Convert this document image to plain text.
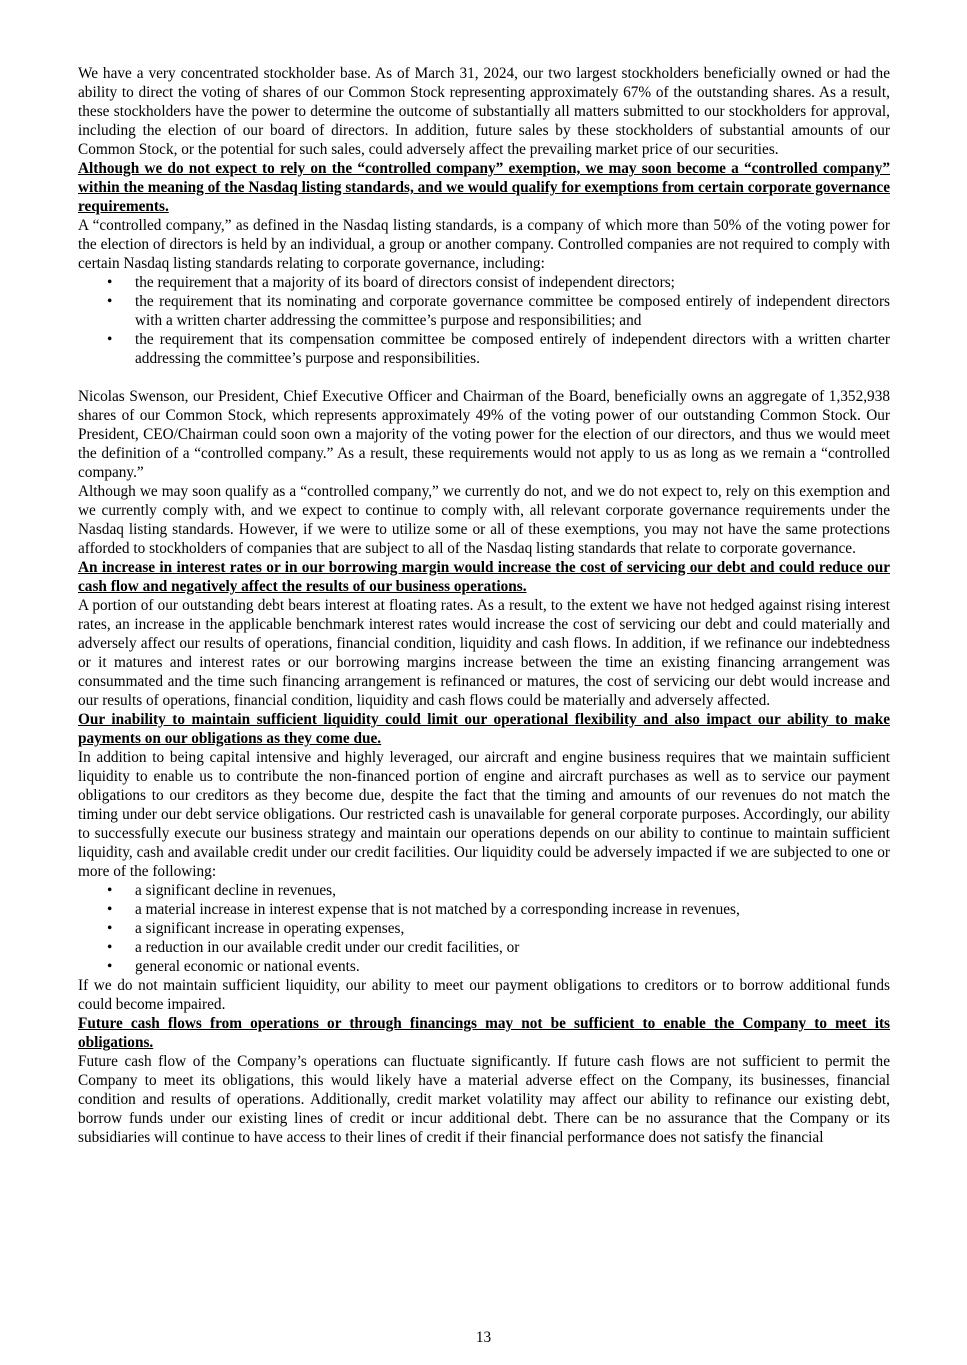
We have a very concentrated stockholder base. As of March 31, 2024, our two largest stockholders beneficially owned or had the ability to direct the voting of shares of our Common Stock representing approximately 67% of the outstanding shares. As a result, these stockholders have the power to determine the outcome of substantially all matters submitted to our stockholders for approval, including the election of our board of directors. In addition, future sales by these stockholders of substantial amounts of our Common Stock, or the potential for such sales, could adversely affect the prevailing market price of our securities.

Although we do not expect to rely on the “controlled company” exemption, we may soon become a “controlled company” within the meaning of the Nasdaq listing standards, and we would qualify for exemptions from certain corporate governance requirements.

A “controlled company,” as defined in the Nasdaq listing standards, is a company of which more than 50% of the voting power for the election of directors is held by an individual, a group or another company. Controlled companies are not required to comply with certain Nasdaq listing standards relating to corporate governance, including:

•	the requirement that a majority of its board of directors consist of independent directors;
•	the requirement that its nominating and corporate governance committee be composed entirely of independent directors with a written charter addressing the committee’s purpose and responsibilities; and
•	the requirement that its compensation committee be composed entirely of independent directors with a written charter addressing the committee’s purpose and responsibilities.

Nicolas Swenson, our President, Chief Executive Officer and Chairman of the Board, beneficially owns an aggregate of 1,352,938 shares of our Common Stock, which represents approximately 49% of the voting power of our outstanding Common Stock. Our President, CEO/Chairman could soon own a majority of the voting power for the election of our directors, and thus we would meet the definition of a “controlled company.” As a result, these requirements would not apply to us as long as we remain a “controlled company.”

Although we may soon qualify as a “controlled company,” we currently do not, and we do not expect to, rely on this exemption and we currently comply with, and we expect to continue to comply with, all relevant corporate governance requirements under the Nasdaq listing standards. However, if we were to utilize some or all of these exemptions, you may not have the same protections afforded to stockholders of companies that are subject to all of the Nasdaq listing standards that relate to corporate governance.

An increase in interest rates or in our borrowing margin would increase the cost of servicing our debt and could reduce our cash flow and negatively affect the results of our business operations.

A portion of our outstanding debt bears interest at floating rates. As a result, to the extent we have not hedged against rising interest rates, an increase in the applicable benchmark interest rates would increase the cost of servicing our debt and could materially and adversely affect our results of operations, financial condition, liquidity and cash flows. In addition, if we refinance our indebtedness or it matures and interest rates or our borrowing margins increase between the time an existing financing arrangement was consummated and the time such financing arrangement is refinanced or matures, the cost of servicing our debt would increase and our results of operations, financial condition, liquidity and cash flows could be materially and adversely affected.

Our inability to maintain sufficient liquidity could limit our operational flexibility and also impact our ability to make payments on our obligations as they come due.

In addition to being capital intensive and highly leveraged, our aircraft and engine business requires that we maintain sufficient liquidity to enable us to contribute the non-financed portion of engine and aircraft purchases as well as to service our payment obligations to our creditors as they become due, despite the fact that the timing and amounts of our revenues do not match the timing under our debt service obligations. Our restricted cash is unavailable for general corporate purposes. Accordingly, our ability to successfully execute our business strategy and maintain our operations depends on our ability to continue to maintain sufficient liquidity, cash and available credit under our credit facilities. Our liquidity could be adversely impacted if we are subjected to one or more of the following:

•	a significant decline in revenues,
•	a material increase in interest expense that is not matched by a corresponding increase in revenues,
•	a significant increase in operating expenses,
•	a reduction in our available credit under our credit facilities, or
•	general economic or national events.

If we do not maintain sufficient liquidity, our ability to meet our payment obligations to creditors or to borrow additional funds could become impaired.

Future cash flows from operations or through financings may not be sufficient to enable the Company to meet its obligations.

Future cash flow of the Company’s operations can fluctuate significantly. If future cash flows are not sufficient to permit the Company to meet its obligations, this would likely have a material adverse effect on the Company, its businesses, financial condition and results of operations. Additionally, credit market volatility may affect our ability to refinance our existing debt, borrow funds under our existing lines of credit or incur additional debt. There can be no assurance that the Company or its subsidiaries will continue to have access to their lines of credit if their financial performance does not satisfy the financial

13
